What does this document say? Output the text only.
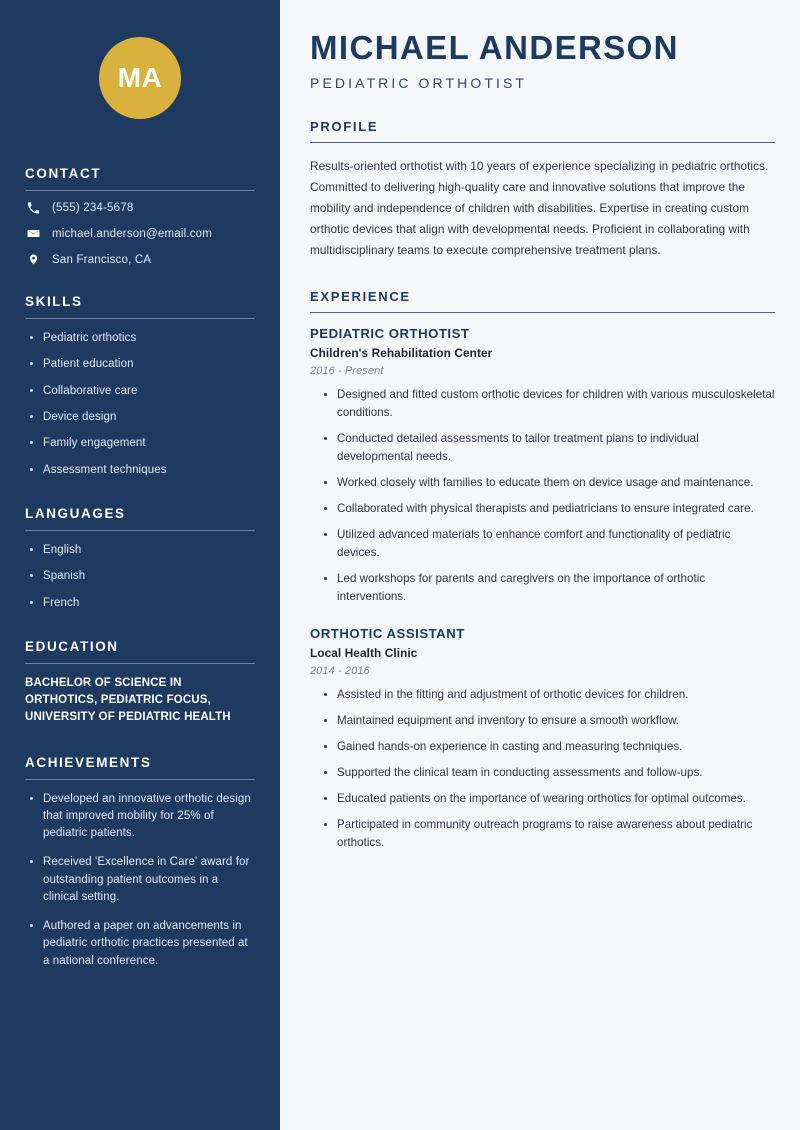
MA
CONTACT
(555) 234-5678
michael.anderson@email.com
San Francisco, CA
SKILLS
Pediatric orthotics
Patient education
Collaborative care
Device design
Family engagement
Assessment techniques
LANGUAGES
English
Spanish
French
EDUCATION
BACHELOR OF SCIENCE IN ORTHOTICS, PEDIATRIC FOCUS, UNIVERSITY OF PEDIATRIC HEALTH
ACHIEVEMENTS
Developed an innovative orthotic design that improved mobility for 25% of pediatric patients.
Received 'Excellence in Care' award for outstanding patient outcomes in a clinical setting.
Authored a paper on advancements in pediatric orthotic practices presented at a national conference.
MICHAEL ANDERSON
PEDIATRIC ORTHOTIST
PROFILE

Results-oriented orthotist with 10 years of experience specializing in pediatric orthotics. Committed to delivering high-quality care and innovative solutions that improve the mobility and independence of children with disabilities. Expertise in creating custom orthotic devices that align with developmental needs. Proficient in collaborating with multidisciplinary teams to execute comprehensive treatment plans.

EXPERIENCE
PEDIATRIC ORTHOTIST
Children's Rehabilitation Center
2016 - Present
Designed and fitted custom orthotic devices for children with various musculoskeletal conditions.
Conducted detailed assessments to tailor treatment plans to individual developmental needs.
Worked closely with families to educate them on device usage and maintenance.
Collaborated with physical therapists and pediatricians to ensure integrated care.
Utilized advanced materials to enhance comfort and functionality of pediatric devices.
Led workshops for parents and caregivers on the importance of orthotic interventions.
ORTHOTIC ASSISTANT
Local Health Clinic
2014 - 2016
Assisted in the fitting and adjustment of orthotic devices for children.
Maintained equipment and inventory to ensure a smooth workflow.
Gained hands-on experience in casting and measuring techniques.
Supported the clinical team in conducting assessments and follow-ups.
Educated patients on the importance of wearing orthotics for optimal outcomes.
Participated in community outreach programs to raise awareness about pediatric orthotics.
